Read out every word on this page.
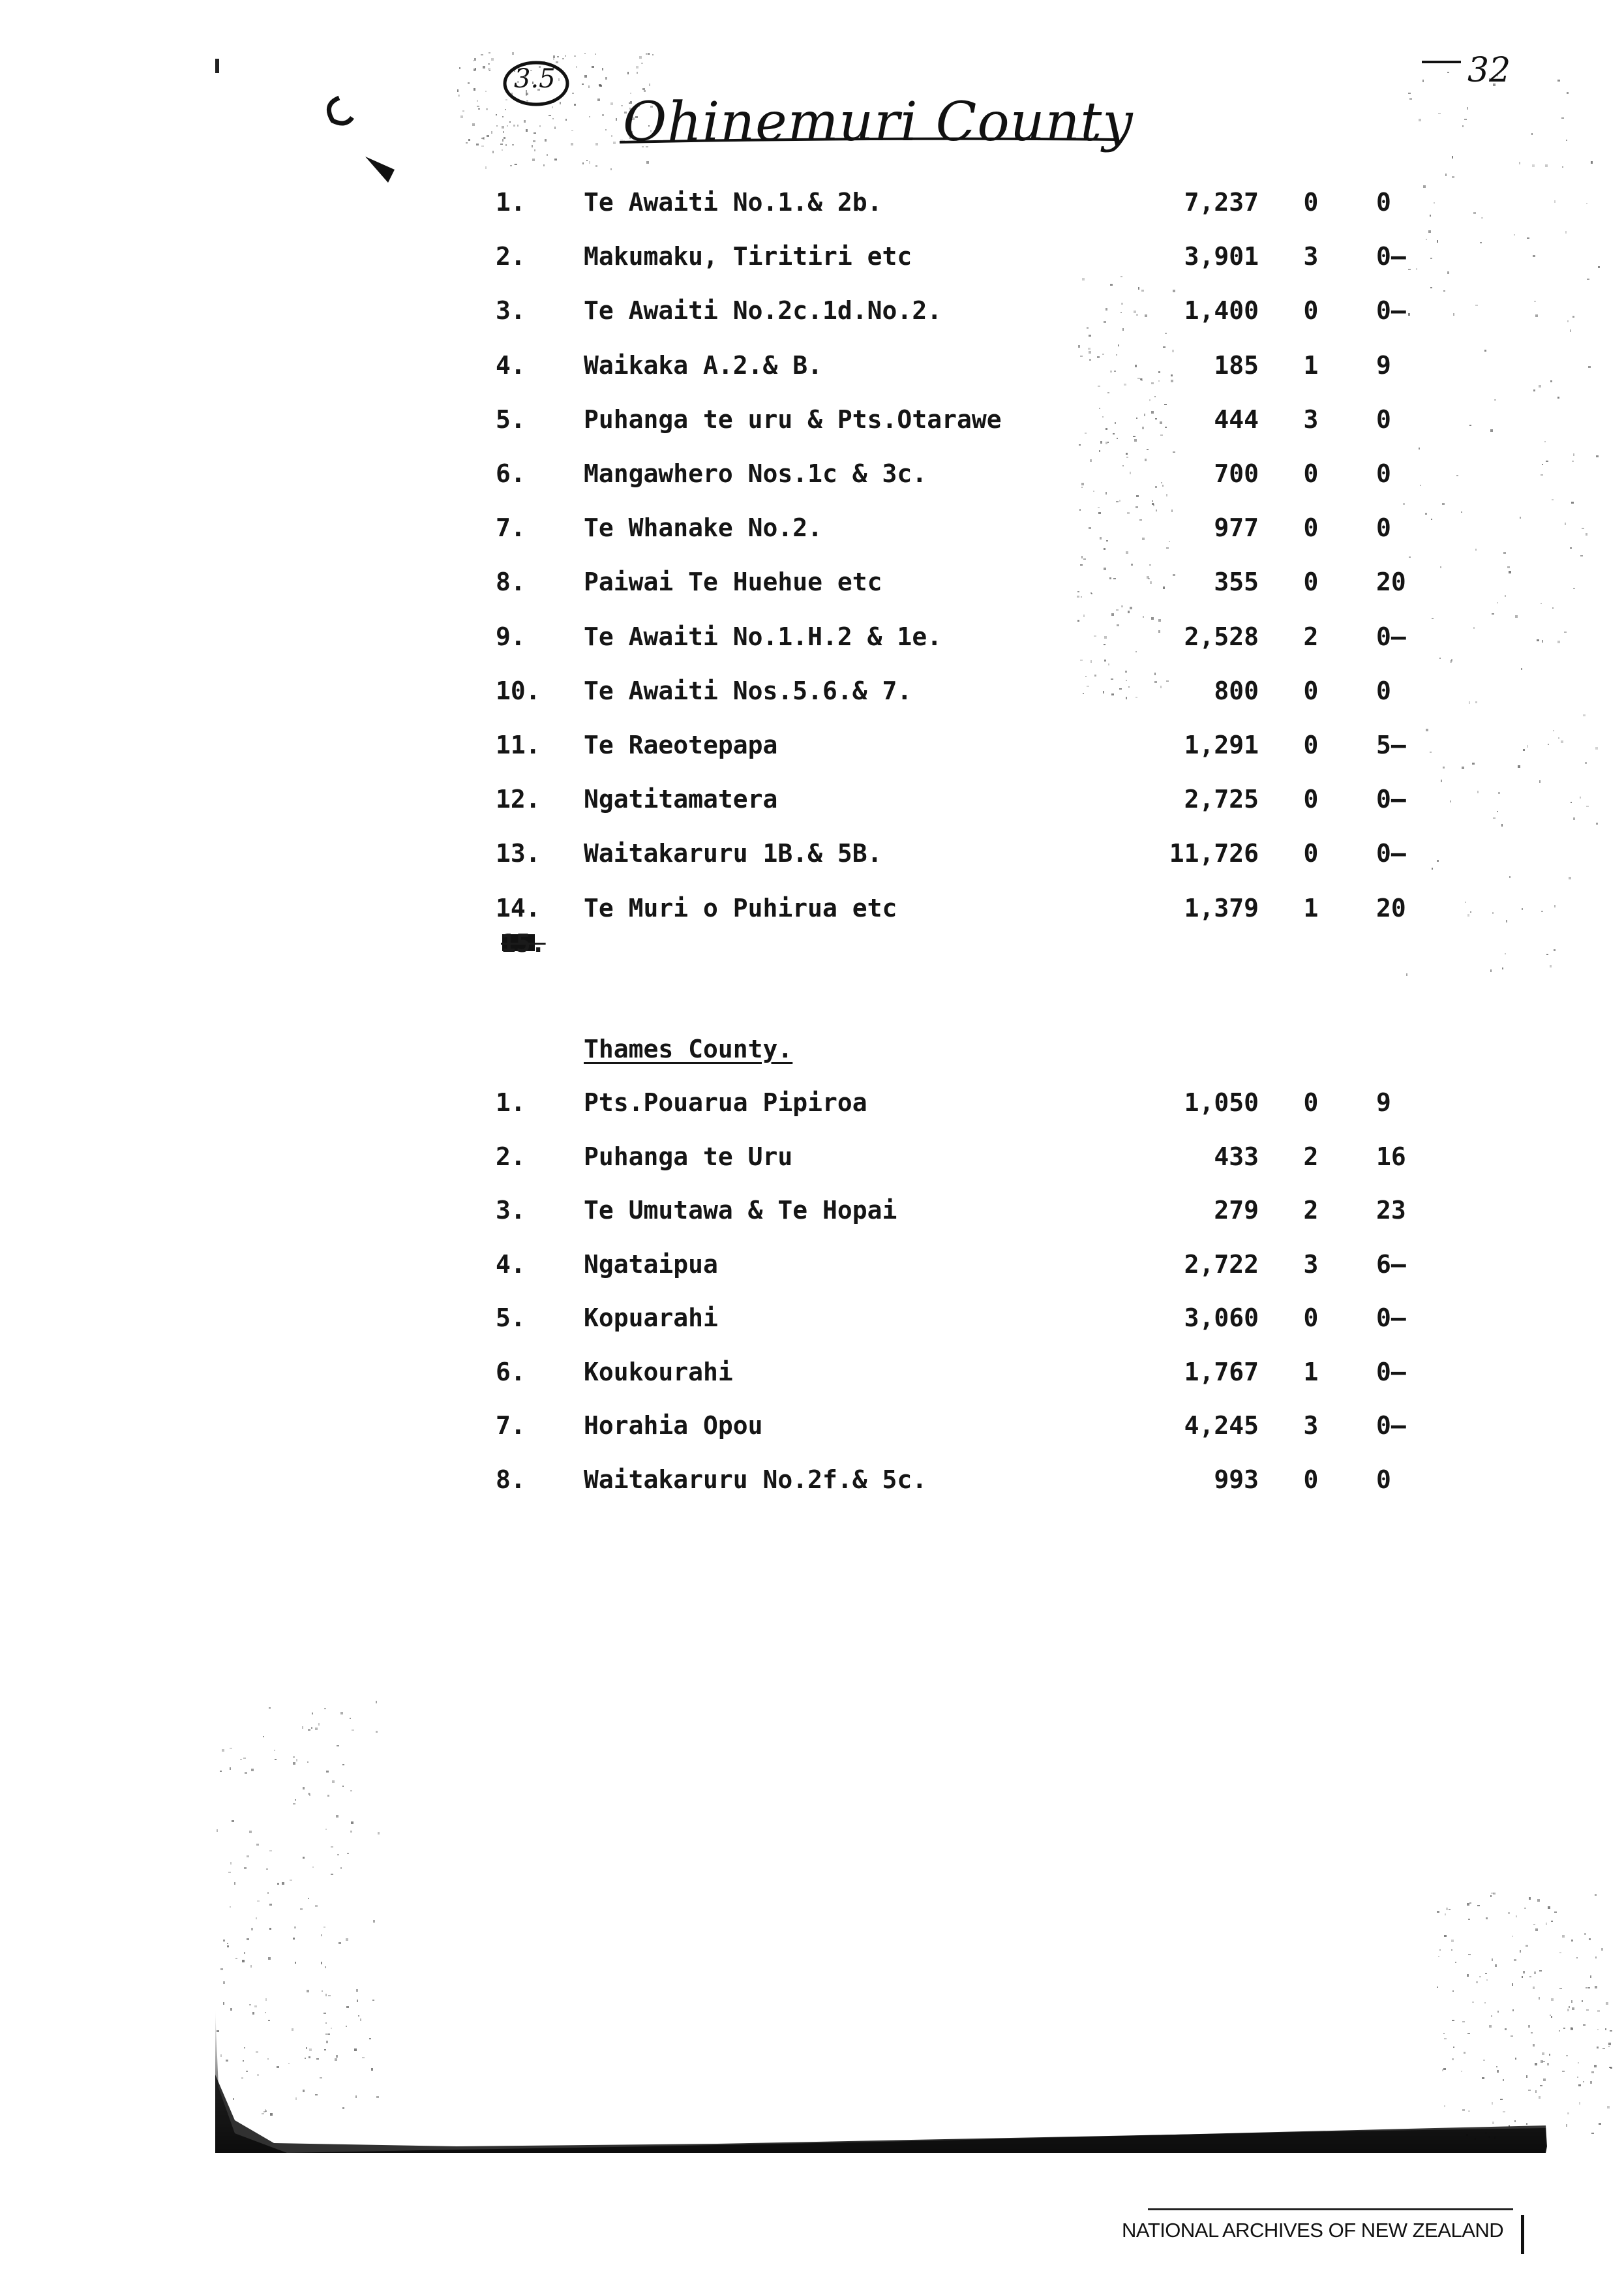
3.5
Ohinemuri County
32
1.	Te Awaiti No.1.& 2b.	7,237	0	0
2.	Makumaku, Tiritiri etc	3,901	3	0–
3.	Te Awaiti No.2c.1d.No.2.	1,400	0	0–
4.	Waikaka A.2.& B.	185	1	9
5.	Puhanga te uru & Pts.Otarawe	444	3	0
6.	Mangawhero Nos.1c & 3c.	700	0	0
7.	Te Whanake No.2.	977	0	0
8.	Paiwai Te Huehue etc	355	0	20
9.	Te Awaiti No.1.H.2 & 1e.	2,528	2	0–
10.	Te Awaiti Nos.5.6.& 7.	800	0	0
11.	Te Raeotepapa	1,291	0	5–
12.	Ngatitamatera	2,725	0	0–
13.	Waitakaruru 1B.& 5B.	11,726	0	0–
14.	Te Muri o Puhirua etc	1,379	1	20
15.
Thames County.
1.	Pts.Pouarua Pipiroa	1,050	0	9
2.	Puhanga te Uru	433	2	16
3.	Te Umutawa & Te Hopai	279	2	23
4.	Ngataipua	2,722	3	6–
5.	Kopuarahi	3,060	0	0–
6.	Koukourahi	1,767	1	0–
7.	Horahia Opou	4,245	3	0—
8.	Waitakaruru No.2f.& 5c.	993	0	0
NATIONAL ARCHIVES OF NEW ZEALAND
